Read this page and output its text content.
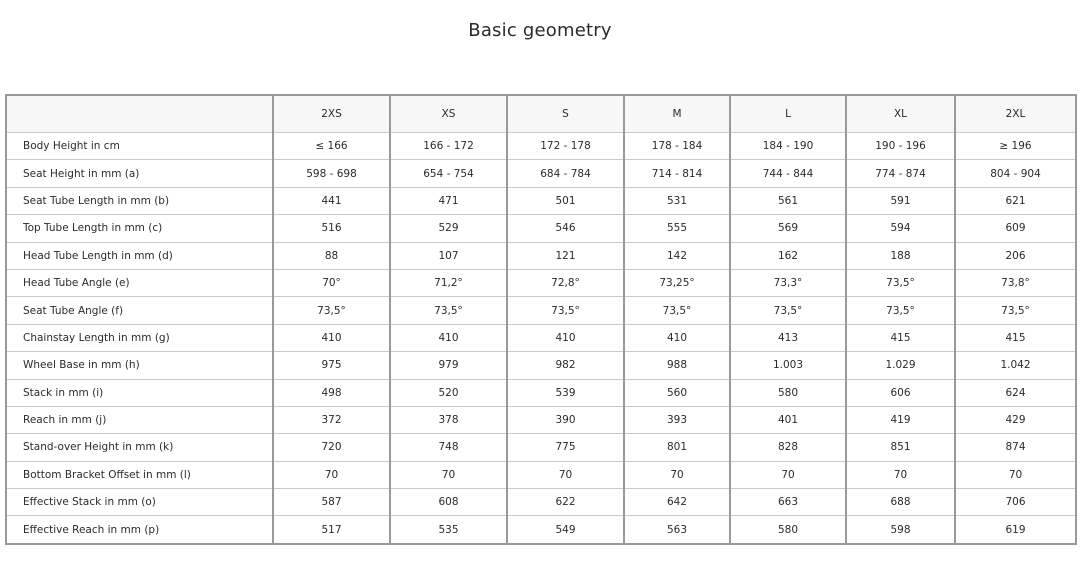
Basic geometry
	2XS	XS	S	M	L	XL	2XL
Body Height in cm	≤ 166	166 - 172	172 - 178	178 - 184	184 - 190	190 - 196	≥ 196
Seat Height in mm (a)	598 - 698	654 - 754	684 - 784	714 - 814	744 - 844	774 - 874	804 - 904
Seat Tube Length in mm (b)	441	471	501	531	561	591	621
Top Tube Length in mm (c)	516	529	546	555	569	594	609
Head Tube Length in mm (d)	88	107	121	142	162	188	206
Head Tube Angle (e)	70°	71,2°	72,8°	73,25°	73,3°	73,5°	73,8°
Seat Tube Angle (f)	73,5°	73,5°	73,5°	73,5°	73,5°	73,5°	73,5°
Chainstay Length in mm (g)	410	410	410	410	413	415	415
Wheel Base in mm (h)	975	979	982	988	1.003	1.029	1.042
Stack in mm (i)	498	520	539	560	580	606	624
Reach in mm (j)	372	378	390	393	401	419	429
Stand-over Height in mm (k)	720	748	775	801	828	851	874
Bottom Bracket Offset in mm (l)	70	70	70	70	70	70	70
Effective Stack in mm (o)	587	608	622	642	663	688	706
Effective Reach in mm (p)	517	535	549	563	580	598	619
